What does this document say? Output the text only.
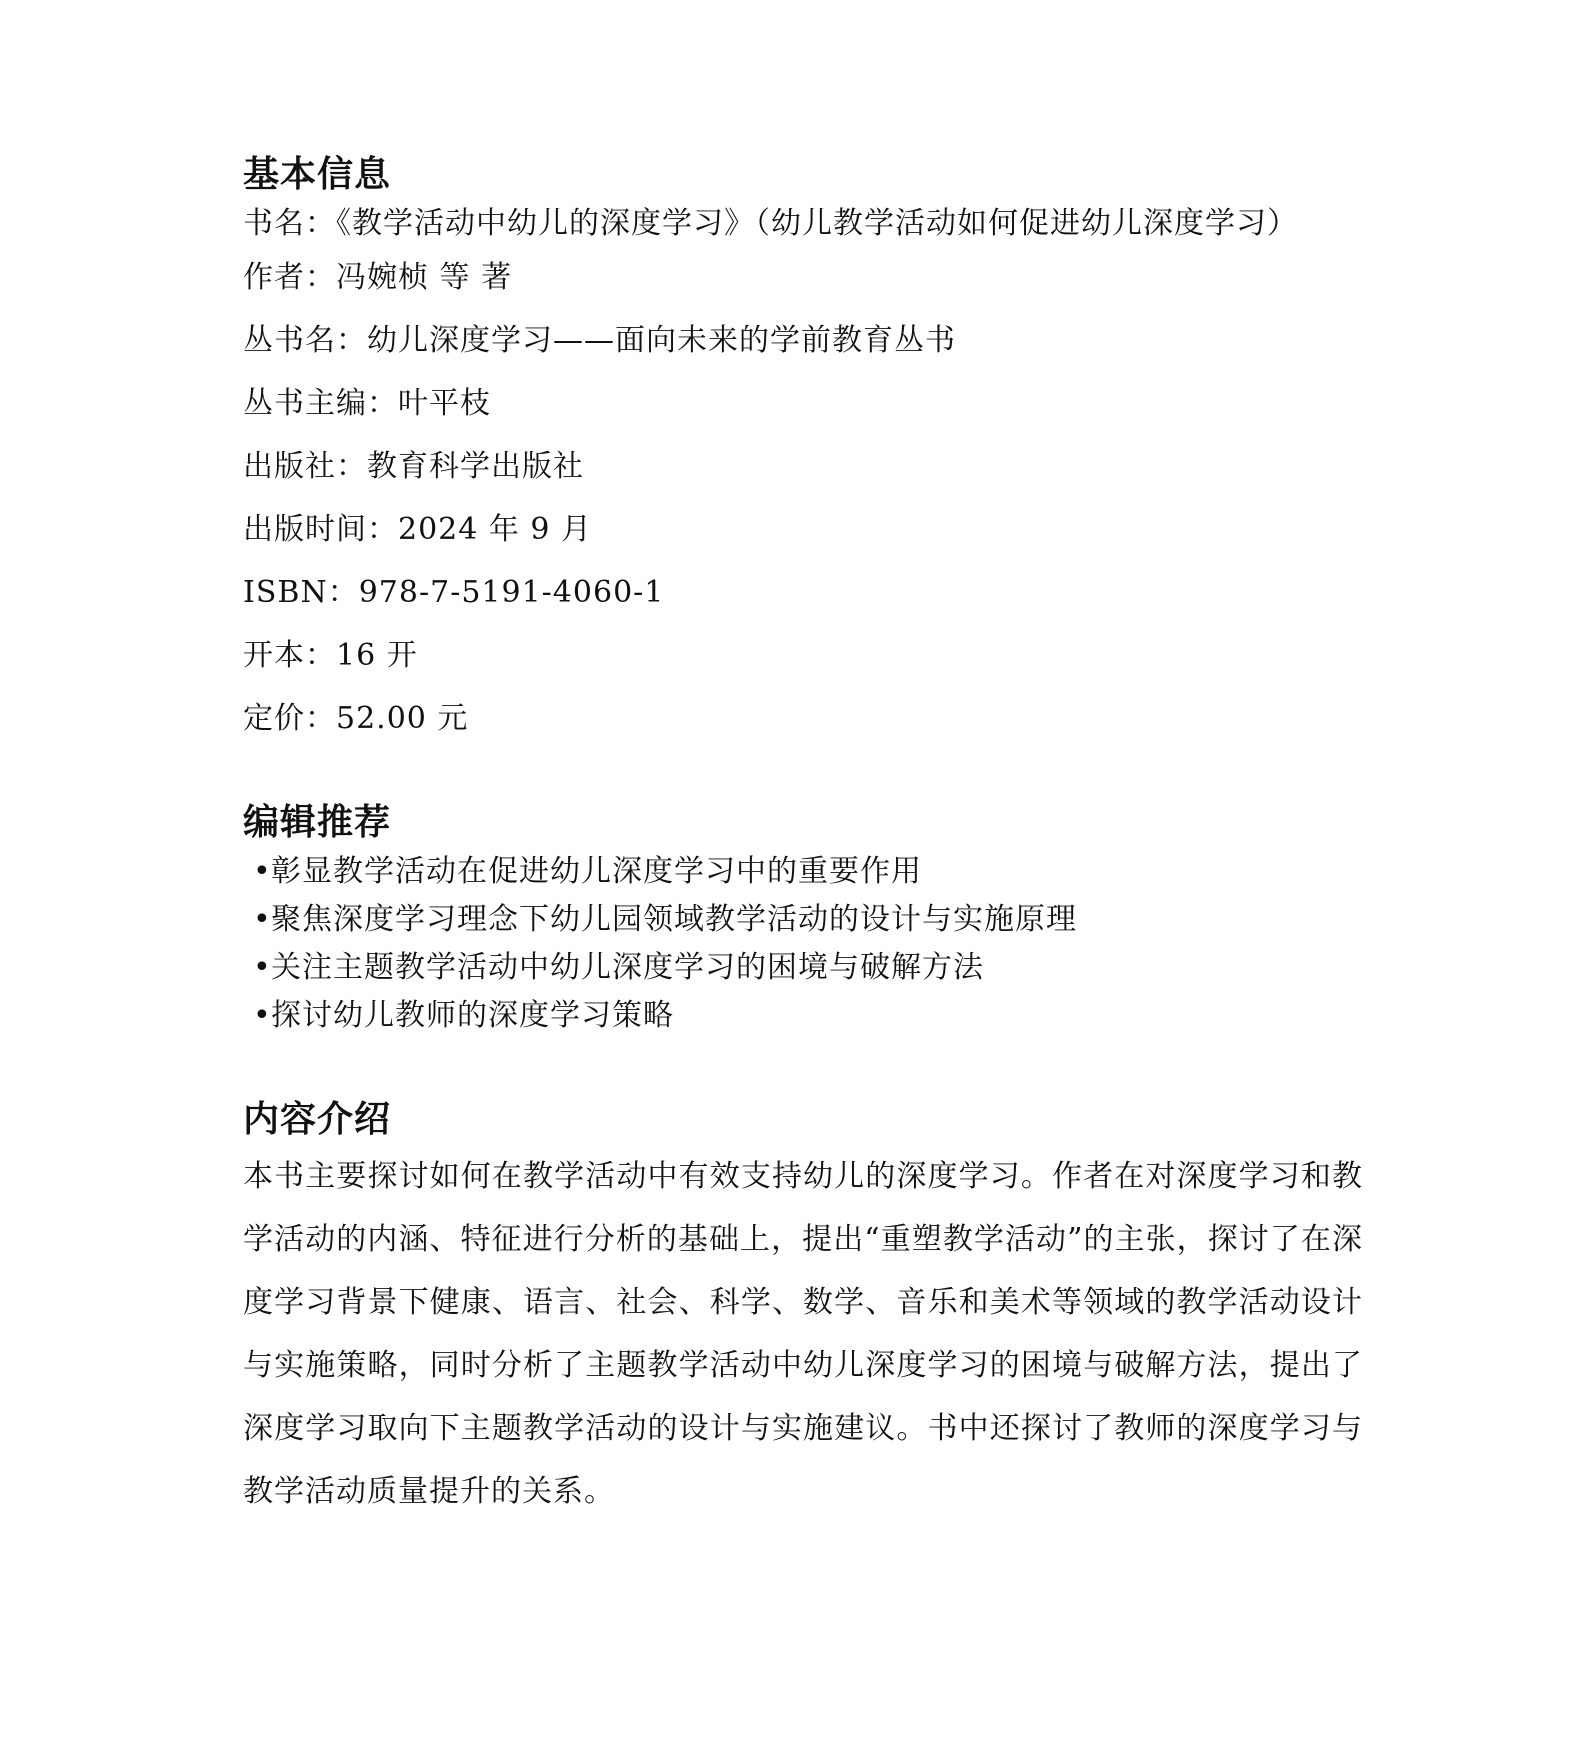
基本信息

书名：《教学活动中幼儿的深度学习》（幼儿教学活动如何促进幼儿深度学习）

作者：冯婉桢 等 著

丛书名：幼儿深度学习——面向未来的学前教育丛书

丛书主编：叶平枝

出版社：教育科学出版社

出版时间：2024 年 9 月

ISBN：978-7-5191-4060-1

开本：16 开

定价：52.00 元

编辑推荐
• 彰显教学活动在促进幼儿深度学习中的重要作用
• 聚焦深度学习理念下幼儿园领域教学活动的设计与实施原理
• 关注主题教学活动中幼儿深度学习的困境与破解方法
• 探讨幼儿教师的深度学习策略
内容介绍

本书主要探讨如何在教学活动中有效支持幼儿的深度学习。作者在对深度学习和教学活动的内涵、特征进行分析的基础上，提出“重塑教学活动”的主张，探讨了在深度学习背景下健康、语言、社会、科学、数学、音乐和美术等领域的教学活动设计与实施策略，同时分析了主题教学活动中幼儿深度学习的困境与破解方法，提出了深度学习取向下主题教学活动的设计与实施建议。书中还探讨了教师的深度学习与教学活动质量提升的关系。
